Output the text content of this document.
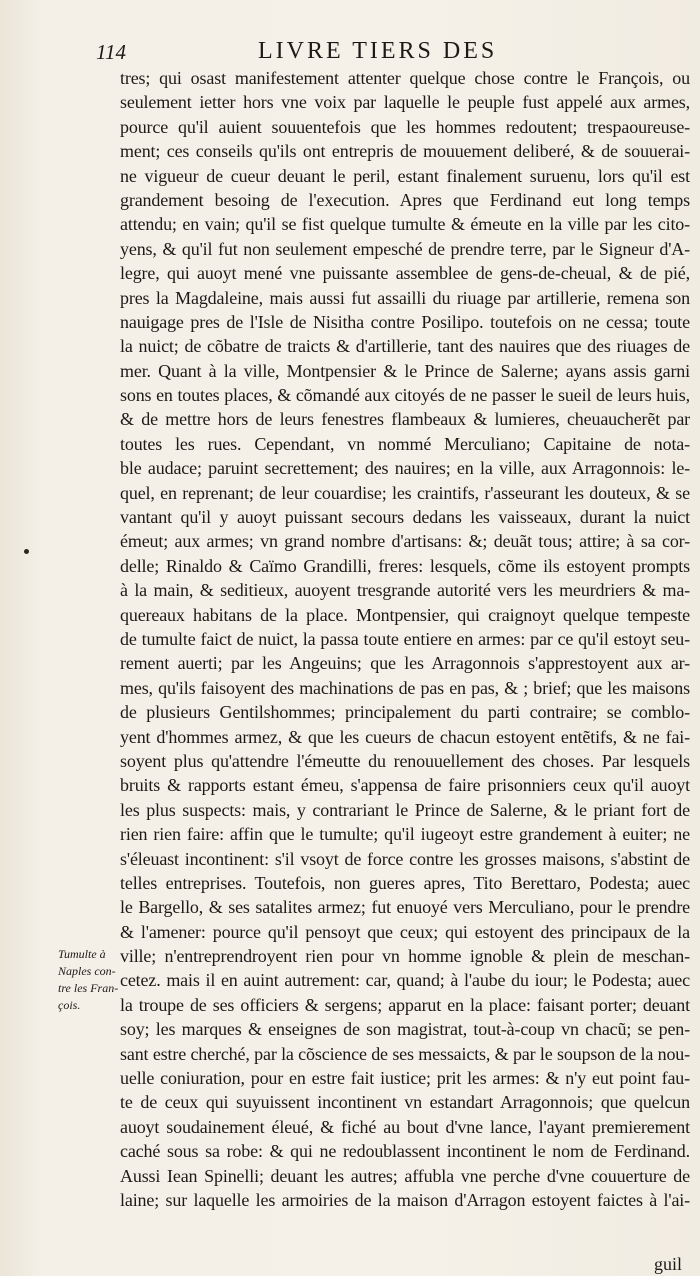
114	LIVRE TIERS DES
tres; qui osast manifestement attenter quelque chose contre le François, ou
seulement ietter hors vne voix par laquelle le peuple fust appelé aux armes,
pource qu'il auient souuentefois que les hommes redoutent; trespaoureuse-
ment; ces conseils qu'ils ont entrepris de mouuement deliberé, & de souuerai-
ne vigueur de cueur deuant le peril, estant finalement suruenu, lors qu'il est
grandement besoing de l'execution. Apres que Ferdinand eut long temps
attendu; en vain; qu'il se fist quelque tumulte & émeute en la ville par les cito-
yens, & qu'il fut non seulement empesché de prendre terre, par le Signeur d'A-
legre, qui auoyt mené vne puissante assemblee de gens-de-cheual, & de pié,
pres la Magdaleine, mais aussi fut assailli du riuage par artillerie, remena son
nauigage pres de l'Isle de Nisitha contre Posilipo. toutefois on ne cessa; toute
la nuict; de cõbatre de traicts & d'artillerie, tant des nauires que des riuages de
mer. Quant à la ville, Montpensier & le Prince de Salerne; ayans assis garni
sons en toutes places, & cõmandé aux citoyés de ne passer le sueil de leurs huis,
& de mettre hors de leurs fenestres flambeaux & lumieres, cheuaucherẽt par
toutes les rues. Cependant, vn nommé Merculiano; Capitaine de nota-
ble audace; paruint secrettement; des nauires; en la ville, aux Arragonnois: le-
quel, en reprenant; de leur couardise; les craintifs, r'asseurant les douteux, & se
vantant qu'il y auoyt puissant secours dedans les vaisseaux, durant la nuict
émeut; aux armes; vn grand nombre d'artisans: &; deuãt tous; attire; à sa cor-
delle; Rinaldo & Caïmo Grandilli, freres: lesquels, cõme ils estoyent prompts
à la main, & seditieux, auoyent tresgrande autorité vers les meurdriers & ma-
quereaux habitans de la place. Montpensier, qui craignoyt quelque tempeste
de tumulte faict de nuict, la passa toute entiere en armes: par ce qu'il estoyt seu-
rement auerti; par les Angeuins; que les Arragonnois s'apprestoyent aux ar-
mes, qu'ils faisoyent des machinations de pas en pas, & ; brief; que les maisons
de plusieurs Gentilshommes; principalement du parti contraire; se comblo-
yent d'hommes armez, & que les cueurs de chacun estoyent entẽtifs, & ne fai-
soyent plus qu'attendre l'émeutte du renouuellement des choses. Par lesquels
bruits & rapports estant émeu, s'appensa de faire prisonniers ceux qu'il auoyt
les plus suspects: mais, y contrariant le Prince de Salerne, & le priant fort de
rien rien faire: affin que le tumulte; qu'il iugeoyt estre grandement à euiter; ne
s'éleuast incontinent: s'il vsoyt de force contre les grosses maisons, s'abstint de
telles entreprises. Toutefois, non gueres apres, Tito Berettaro, Podesta; auec
le Bargello, & ses satalites armez; fut enuoyé vers Merculiano, pour le prendre
& l'amener: pource qu'il pensoyt que ceux; qui estoyent des principaux de la
ville; n'entreprendroyent rien pour vn homme ignoble & plein de meschan-
cetez. mais il en auint autrement: car, quand; à l'aube du iour; le Podesta; auec
la troupe de ses officiers & sergens; apparut en la place: faisant porter; deuant
soy; les marques & enseignes de son magistrat, tout-à-coup vn chacũ; se pen-
sant estre cherché, par la cõscience de ses messaicts, & par le soupson de la nou-
uelle coniuration, pour en estre fait iustice; prit les armes: & n'y eut point fau-
te de ceux qui suyuissent incontinent vn estandart Arragonnois; que quelcun
auoyt soudainement éleué, & fiché au bout d'vne lance, l'ayant premierement
caché sous sa robe: & qui ne redoublassent incontinent le nom de Ferdinand.
Aussi Iean Spinelli; deuant les autres; affubla vne perche d'vne couuerture de
laine; sur laquelle les armoiries de la maison d'Arragon estoyent faictes à l'ai-
Tumulte à
Naples con-
tre les Fran-
çois.
guil
